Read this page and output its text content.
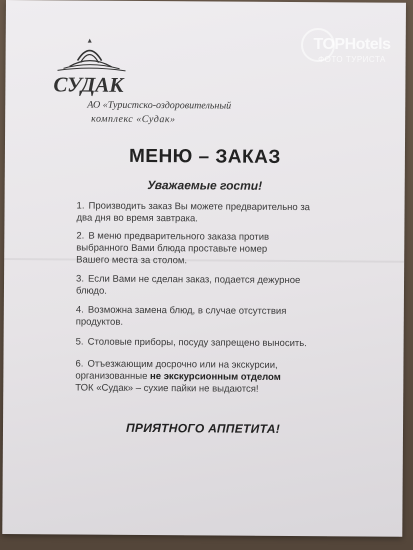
СУДАК
АО «Туристско-оздоровительный
комплекс «Судак»
МЕНЮ – ЗАКАЗ
Уважаемые гости!
1. Производить заказ Вы можете предварительно за
два дня во время завтрака.
2. В меню предварительного заказа против
выбранного Вами блюда проставьте номер
Вашего места за столом.
3. Если Вами не сделан заказ, подается дежурное
блюдо.
4. Возможна замена блюд, в случае отсутствия
продуктов.
5. Столовые приборы, посуду запрещено выносить.
6. Отъезжающим досрочно или на экскурсии,
организованные не экскурсионным отделом
ТОК «Судак» – сухие пайки не выдаются!
ПРИЯТНОГО АППЕТИТА!
TOPHotels
ФОТО ТУРИСТА
